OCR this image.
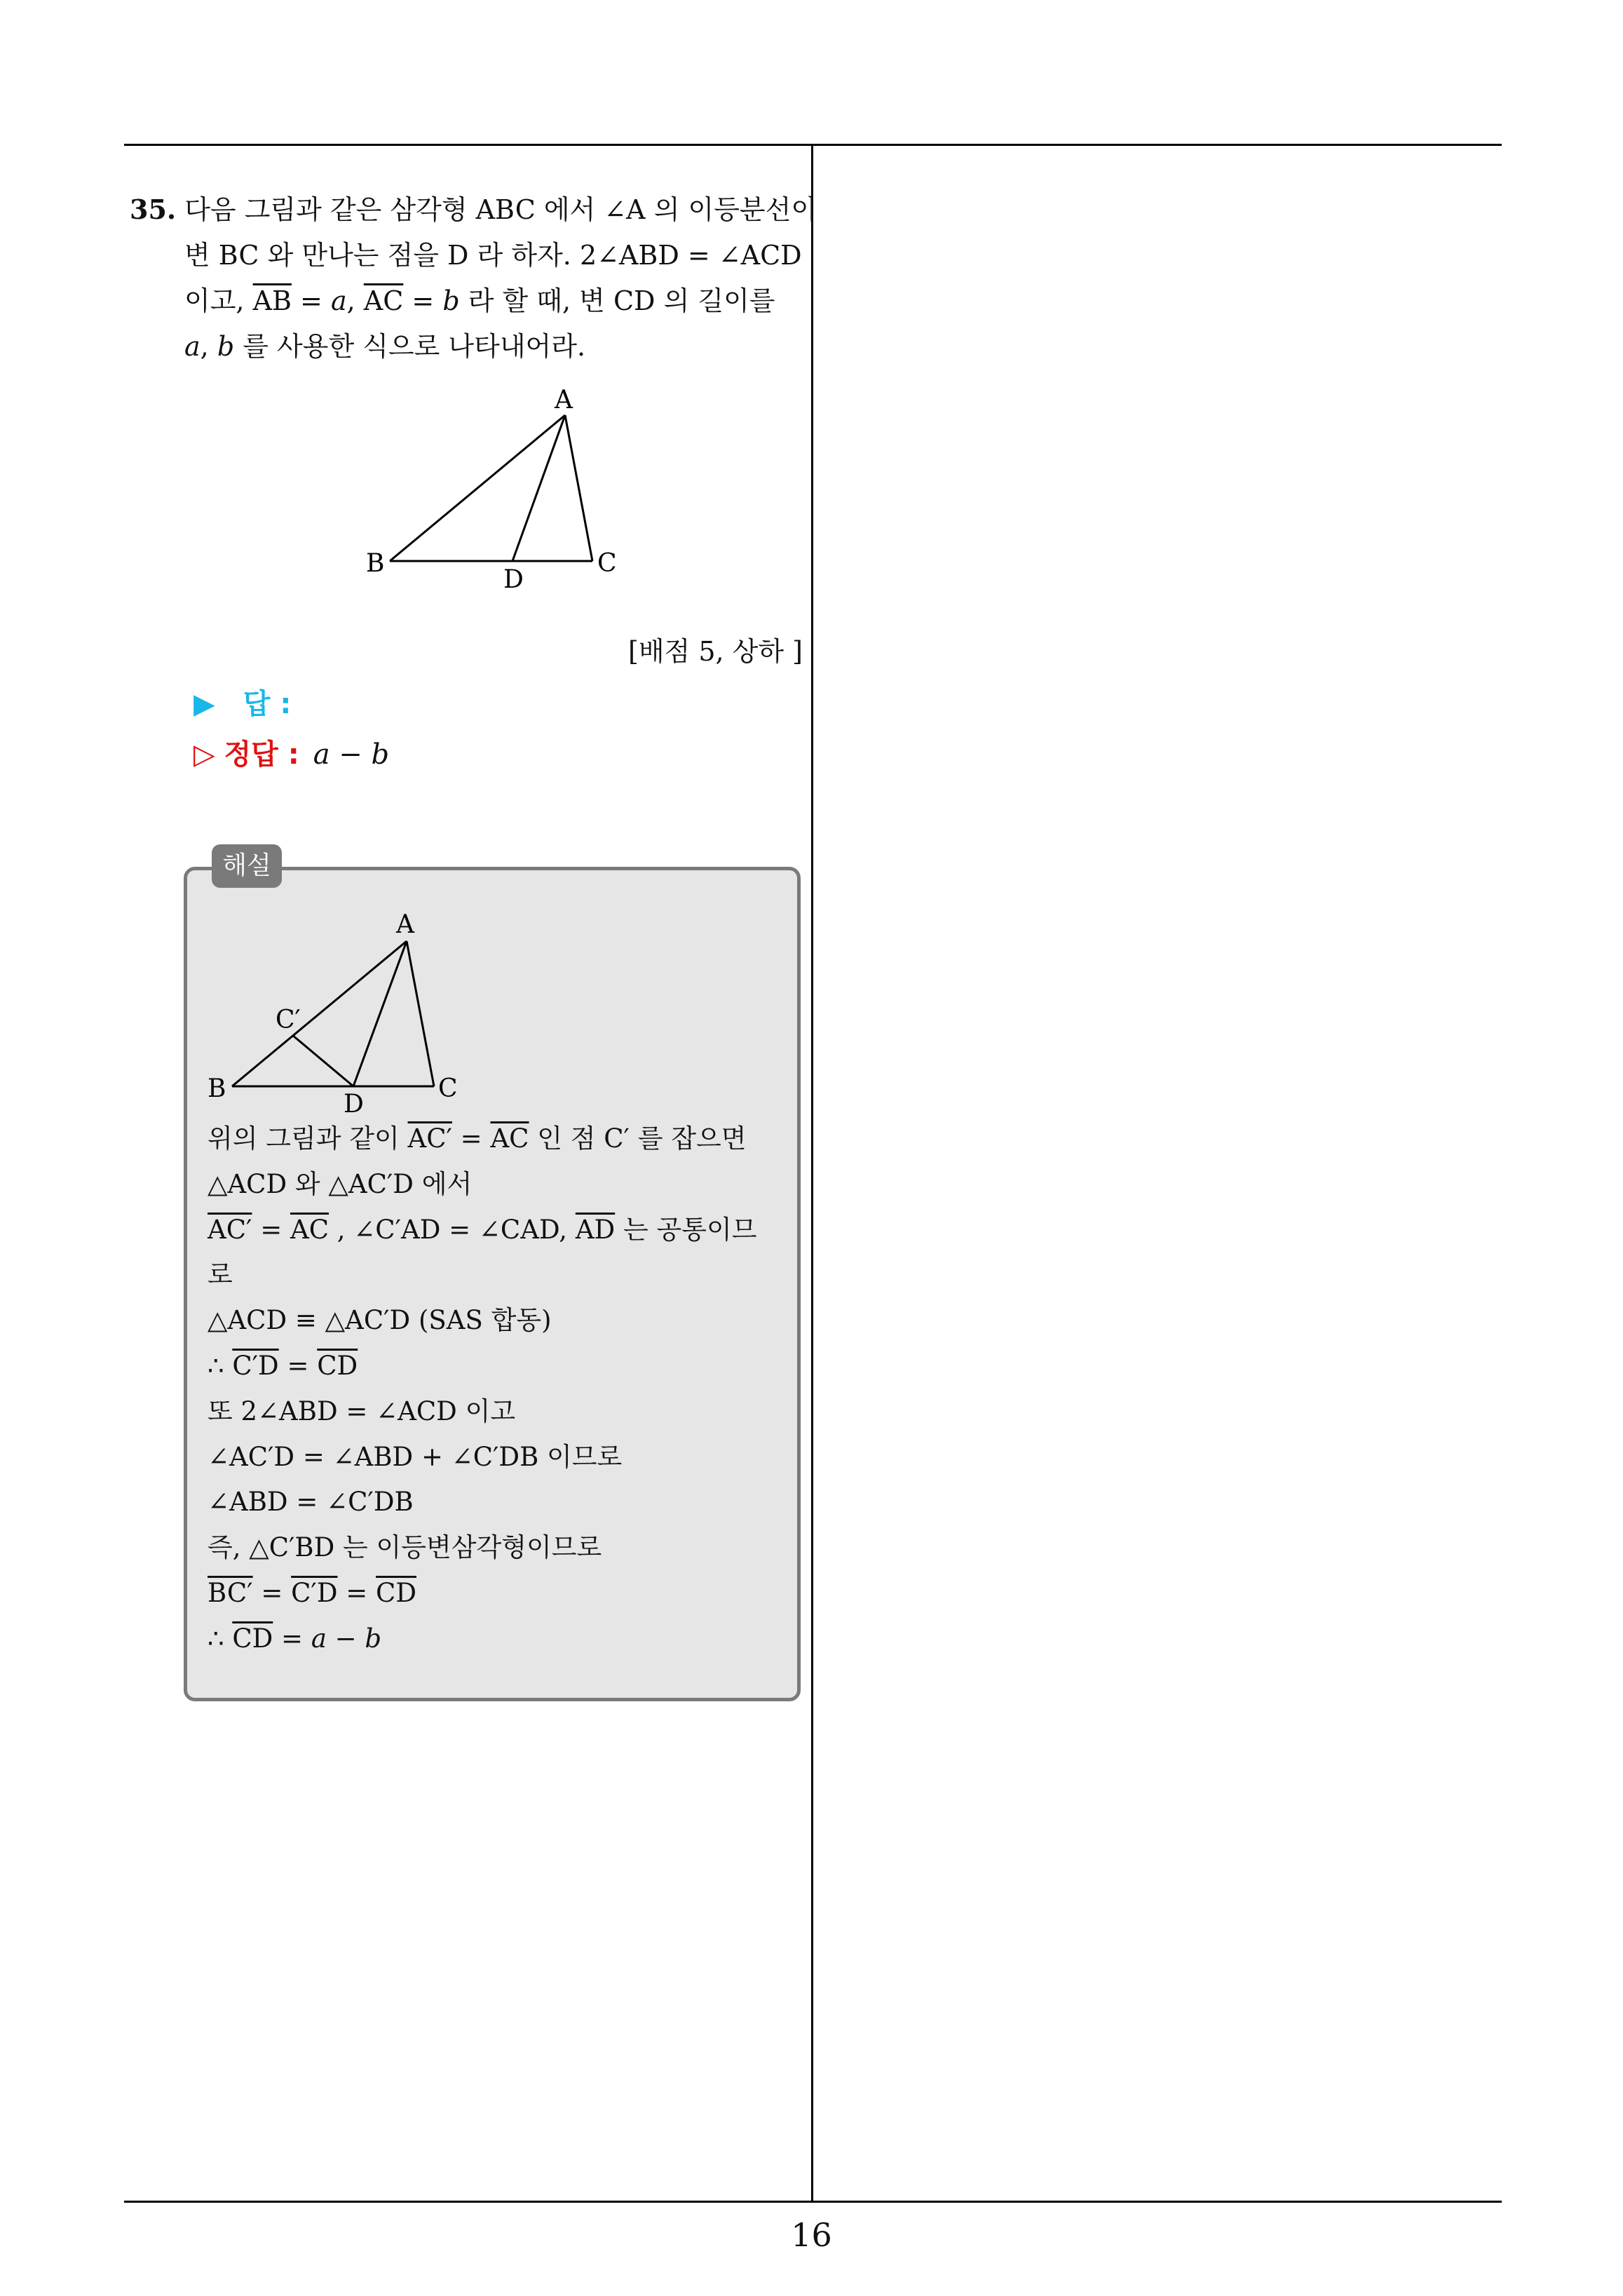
35. 다음 그림과 같은 삼각형 ABC 에서 ∠A 의 이등분선이
변 BC 와 만나는 점을 D 라 하자. 2∠ABD = ∠ACD
이고, $\overline{AB} = a$, $\overline{AC} = b$ 라 할 때, 변 CD 의 길이를
a, b 를 사용한 식으로 나타내어라.
A
B	C
D
[배점 5, 상하 ]
▶ 답 :
▷ 정답 : a − b
해설
A
B	C
D
C′
위의 그림과 같이 $AC' = \overline{AC}$ 인 점 C′ 를 잡으면
△ACD 와 △AC′D 에서
$AC' = \overline{AC}$ , ∠C′AD = ∠CAD, $\overline{AD}$ 는 공통이므
로
△ACD ≡ △AC′D (SAS 합동)
∴ $C'D = \overline{CD}$
또 2∠ABD = ∠ACD 이고
∠AC′D = ∠ABD + ∠C′DB 이므로
∠ABD = ∠C′DB
즉, △C′BD 는 이등변삼각형이므로
$BC' = C'D = \overline{CD}$
∴ $\overline{CD} = a - b$
16
